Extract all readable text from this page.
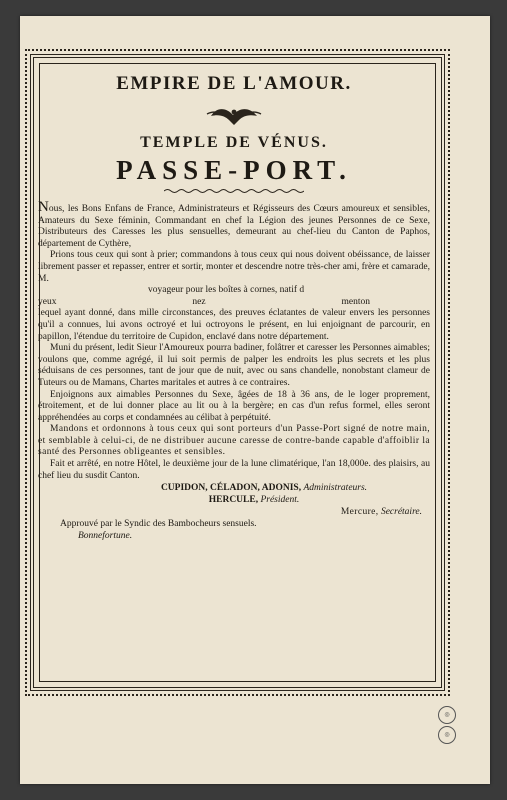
EMPIRE DE L'AMOUR.
TEMPLE DE VÉNUS.
PASSE-PORT.

Nous, les Bons Enfans de France, Administrateurs et Régisseurs des Cœurs amoureux et sensibles, Amateurs du Sexe féminin, Commandant en chef la Légion des jeunes Personnes de ce Sexe, Distributeurs des Caresses les plus sensuelles, demeurant au chef-lieu du Canton de Paphos, département de Cythère,

Prions tous ceux qui sont à prier; commandons à tous ceux qui nous doivent obéissance, de laisser librement passer et repasser, entrer et sortir, monter et descendre notre très-cher ami, frère et camarade, M.

voyageur pour les boîtes à cornes, natif d

yeux	nez	menton

lequel ayant donné, dans mille circonstances, des preuves éclatantes de valeur envers les personnes qu'il a connues, lui avons octroyé et lui octroyons le présent, en lui enjoignant de parcourir, en papillon, l'étendue du territoire de Cupidon, enclavé dans notre département.

Muni du présent, ledit Sieur l'Amoureux pourra badiner, folâtrer et caresser les Personnes aimables; voulons que, comme agrégé, il lui soit permis de palper les endroits les plus secrets et les plus séduisans de ces personnes, tant de jour que de nuit, avec ou sans chandelle, nonobstant clameur de Tuteurs ou de Mamans, Chartes maritales et autres à ce contraires.

Enjoignons aux aimables Personnes du Sexe, âgées de 18 à 36 ans, de le loger proprement, étroitement, et de lui donner place au lit ou à la bergère; en cas d'un refus formel, elles seront appréhendées au corps et condamnées au célibat à perpétuité.

Mandons et ordonnons à tous ceux qui sont porteurs d'un Passe-Port signé de notre main, et semblable à celui-ci, de ne distribuer aucune caresse de contre-bande capable d'affoiblir la santé des Personnes obligeantes et sensibles.

Fait et arrêté, en notre Hôtel, le deuxième jour de la lune climatérique, l'an 18,000e. des plaisirs, au chef lieu du susdit Canton.

CUPIDON, CÉLADON, ADONIS, Administrateurs.
HERCULE, Président.
Mercure, Secrétaire.
Approuvé par le Syndic des Bambocheurs sensuels.
Bonnefortune.
◎
◎
